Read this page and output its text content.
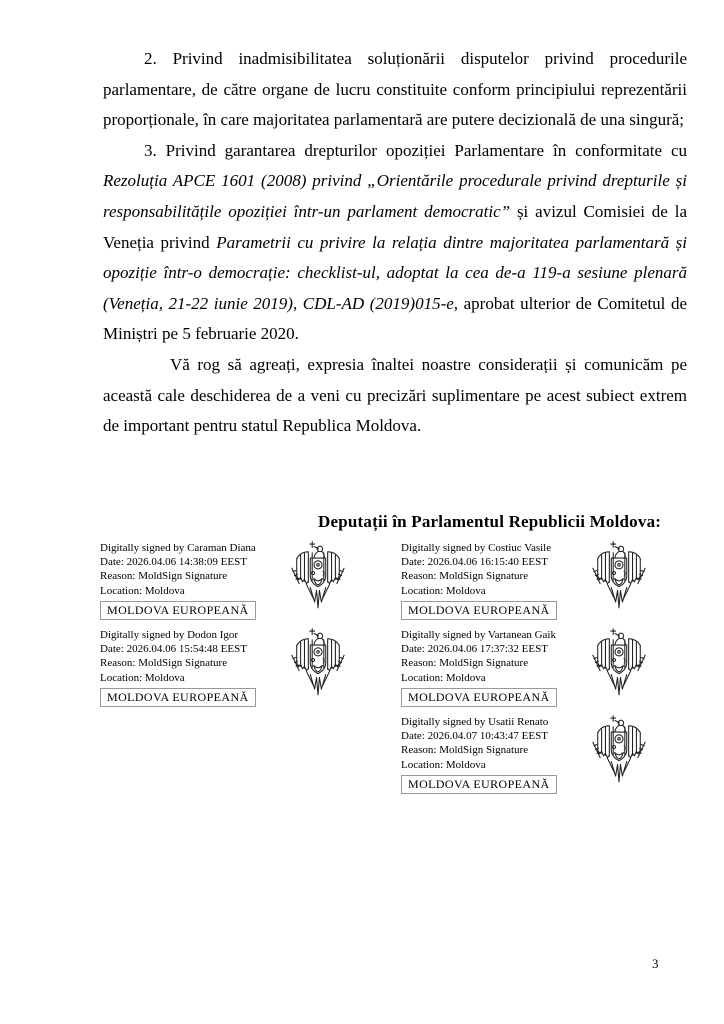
2. Privind inadmisibilitatea soluționării disputelor privind procedurile parlamentare, de către organe de lucru constituite conform principiului reprezentării proporționale, în care majoritatea parlamentară are putere decizională de una singură;

3. Privind garantarea drepturilor opoziției Parlamentare în conformitate cu Rezoluția APCE 1601 (2008) privind „Orientările procedurale privind drepturile și responsabilitățile opoziției într-un parlament democratic” și avizul Comisiei de la Veneția privind Parametrii cu privire la relația dintre majoritatea parlamentară și opoziție într-o democrație: checklist-ul, adoptat la cea de-a 119-a sesiune plenară (Veneția, 21-22 iunie 2019), CDL-AD (2019)015-e, aprobat ulterior de Comitetul de Miniștri pe 5 februarie 2020.

Vă rog să agreați, expresia înaltei noastre considerații și comunicăm pe această cale deschiderea de a veni cu precizări suplimentare pe acest subiect extrem de important pentru statul Republica Moldova.

Deputații în Parlamentul Republicii Moldova:
Digitally signed by Caraman Diana
Date: 2026.04.06 14:38:09 EEST
Reason: MoldSign Signature
Location: Moldova
MOLDOVA EUROPEANĂ
Digitally signed by Costiuc Vasile
Date: 2026.04.06 16:15:40 EEST
Reason: MoldSign Signature
Location: Moldova
MOLDOVA EUROPEANĂ
Digitally signed by Dodon Igor
Date: 2026.04.06 15:54:48 EEST
Reason: MoldSign Signature
Location: Moldova
MOLDOVA EUROPEANĂ
Digitally signed by Vartanean Gaik
Date: 2026.04.06 17:37:32 EEST
Reason: MoldSign Signature
Location: Moldova
MOLDOVA EUROPEANĂ
Digitally signed by Usatii Renato
Date: 2026.04.07 10:43:47 EEST
Reason: MoldSign Signature
Location: Moldova
MOLDOVA EUROPEANĂ
3
